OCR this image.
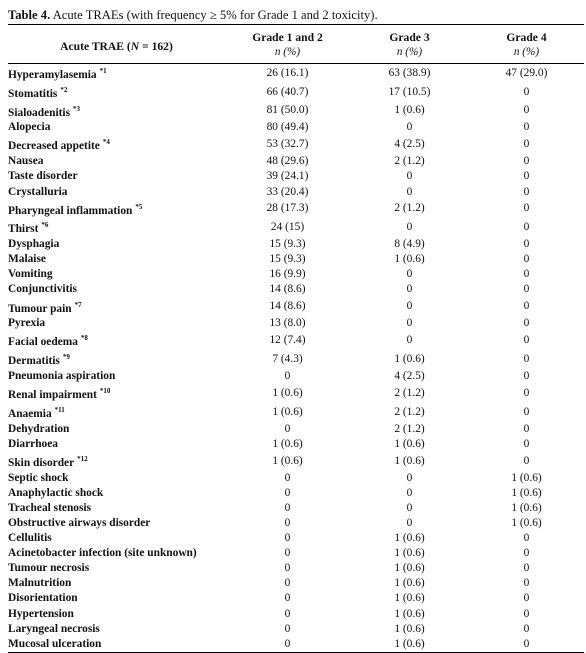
Table 4. Acute TRAEs (with frequency ≥ 5% for Grade 1 and 2 toxicity).
Acute TRAE (N = 162)	Grade 1 and 2	Grade 3	Grade 4
	n (%)	n (%)	n (%)
Hyperamylasemia $^{*1}$	26 (16.1)	63 (38.9)	47 (29.0)
Stomatitis $^{*2}$	66 (40.7)	17 (10.5)	0
Sialoadenitis $^{*3}$	81 (50.0)	1 (0.6)	0
Alopecia	80 (49.4)	0	0
Decreased appetite $^{*4}$	53 (32.7)	4 (2.5)	0
Nausea	48 (29.6)	2 (1.2)	0
Taste disorder	39 (24.1)	0	0
Crystalluria	33 (20.4)	0	0
Pharyngeal inflammation $^{*5}$	28 (17.3)	2 (1.2)	0
Thirst $^{*6}$	24 (15)	0	0
Dysphagia	15 (9.3)	8 (4.9)	0
Malaise	15 (9.3)	1 (0.6)	0
Vomiting	16 (9.9)	0	0
Conjunctivitis	14 (8.6)	0	0
Tumour pain $^{*7}$	14 (8.6)	0	0
Pyrexia	13 (8.0)	0	0
Facial oedema $^{*8}$	12 (7.4)	0	0
Dermatitis $^{*9}$	7 (4.3)	1 (0.6)	0
Pneumonia aspiration	0	4 (2.5)	0
Renal impairment $^{*10}$	1 (0.6)	2 (1.2)	0
Anaemia $^{*11}$	1 (0.6)	2 (1.2)	0
Dehydration	0	2 (1.2)	0
Diarrhoea	1 (0.6)	1 (0.6)	0
Skin disorder $^{*12}$	1 (0.6)	1 (0.6)	0
Septic shock	0	0	1 (0.6)
Anaphylactic shock	0	0	1 (0.6)
Tracheal stenosis	0	0	1 (0.6)
Obstructive airways disorder	0	0	1 (0.6)
Cellulitis	0	1 (0.6)	0
Acinetobacter infection (site unknown)	0	1 (0.6)	0
Tumour necrosis	0	1 (0.6)	0
Malnutrition	0	1 (0.6)	0
Disorientation	0	1 (0.6)	0
Hypertension	0	1 (0.6)	0
Laryngeal necrosis	0	1 (0.6)	0
Mucosal ulceration	0	1 (0.6)	0
